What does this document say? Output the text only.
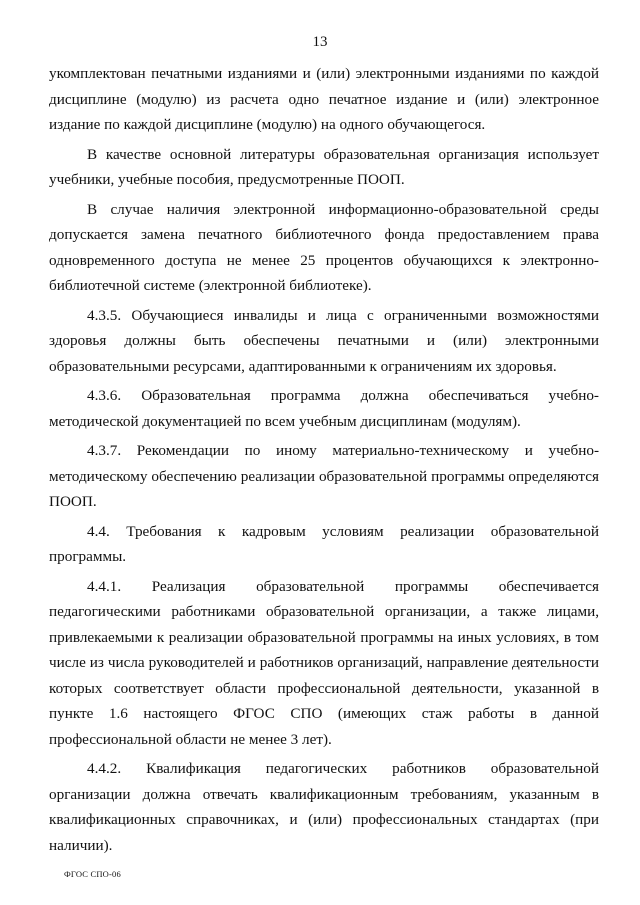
13

укомплектован печатными изданиями и (или) электронными изданиями по каждой дисциплине (модулю) из расчета одно печатное издание и (или) электронное издание по каждой дисциплине (модулю) на одного обучающегося.

В качестве основной литературы образовательная организация использует учебники, учебные пособия, предусмотренные ПООП.

В случае наличия электронной информационно-образовательной среды допускается замена печатного библиотечного фонда предоставлением права одновременного доступа не менее 25 процентов обучающихся к электронно-библиотечной системе (электронной библиотеке).

4.3.5. Обучающиеся инвалиды и лица с ограниченными возможностями здоровья должны быть обеспечены печатными и (или) электронными образовательными ресурсами, адаптированными к ограничениям их здоровья.

4.3.6. Образовательная программа должна обеспечиваться учебно-методической документацией по всем учебным дисциплинам (модулям).

4.3.7. Рекомендации по иному материально-техническому и учебно-методическому обеспечению реализации образовательной программы определяются ПООП.

4.4. Требования к кадровым условиям реализации образовательной программы.

4.4.1. Реализация образовательной программы обеспечивается педагогическими работниками образовательной организации, а также лицами, привлекаемыми к реализации образовательной программы на иных условиях, в том числе из числа руководителей и работников организаций, направление деятельности которых соответствует области профессиональной деятельности, указанной в пункте 1.6 настоящего ФГОС СПО (имеющих стаж работы в данной профессиональной области не менее 3 лет).

4.4.2. Квалификация педагогических работников образовательной организации должна отвечать квалификационным требованиям, указанным в квалификационных справочниках, и (или) профессиональных стандартах (при наличии).

ФГОС СПО-06
